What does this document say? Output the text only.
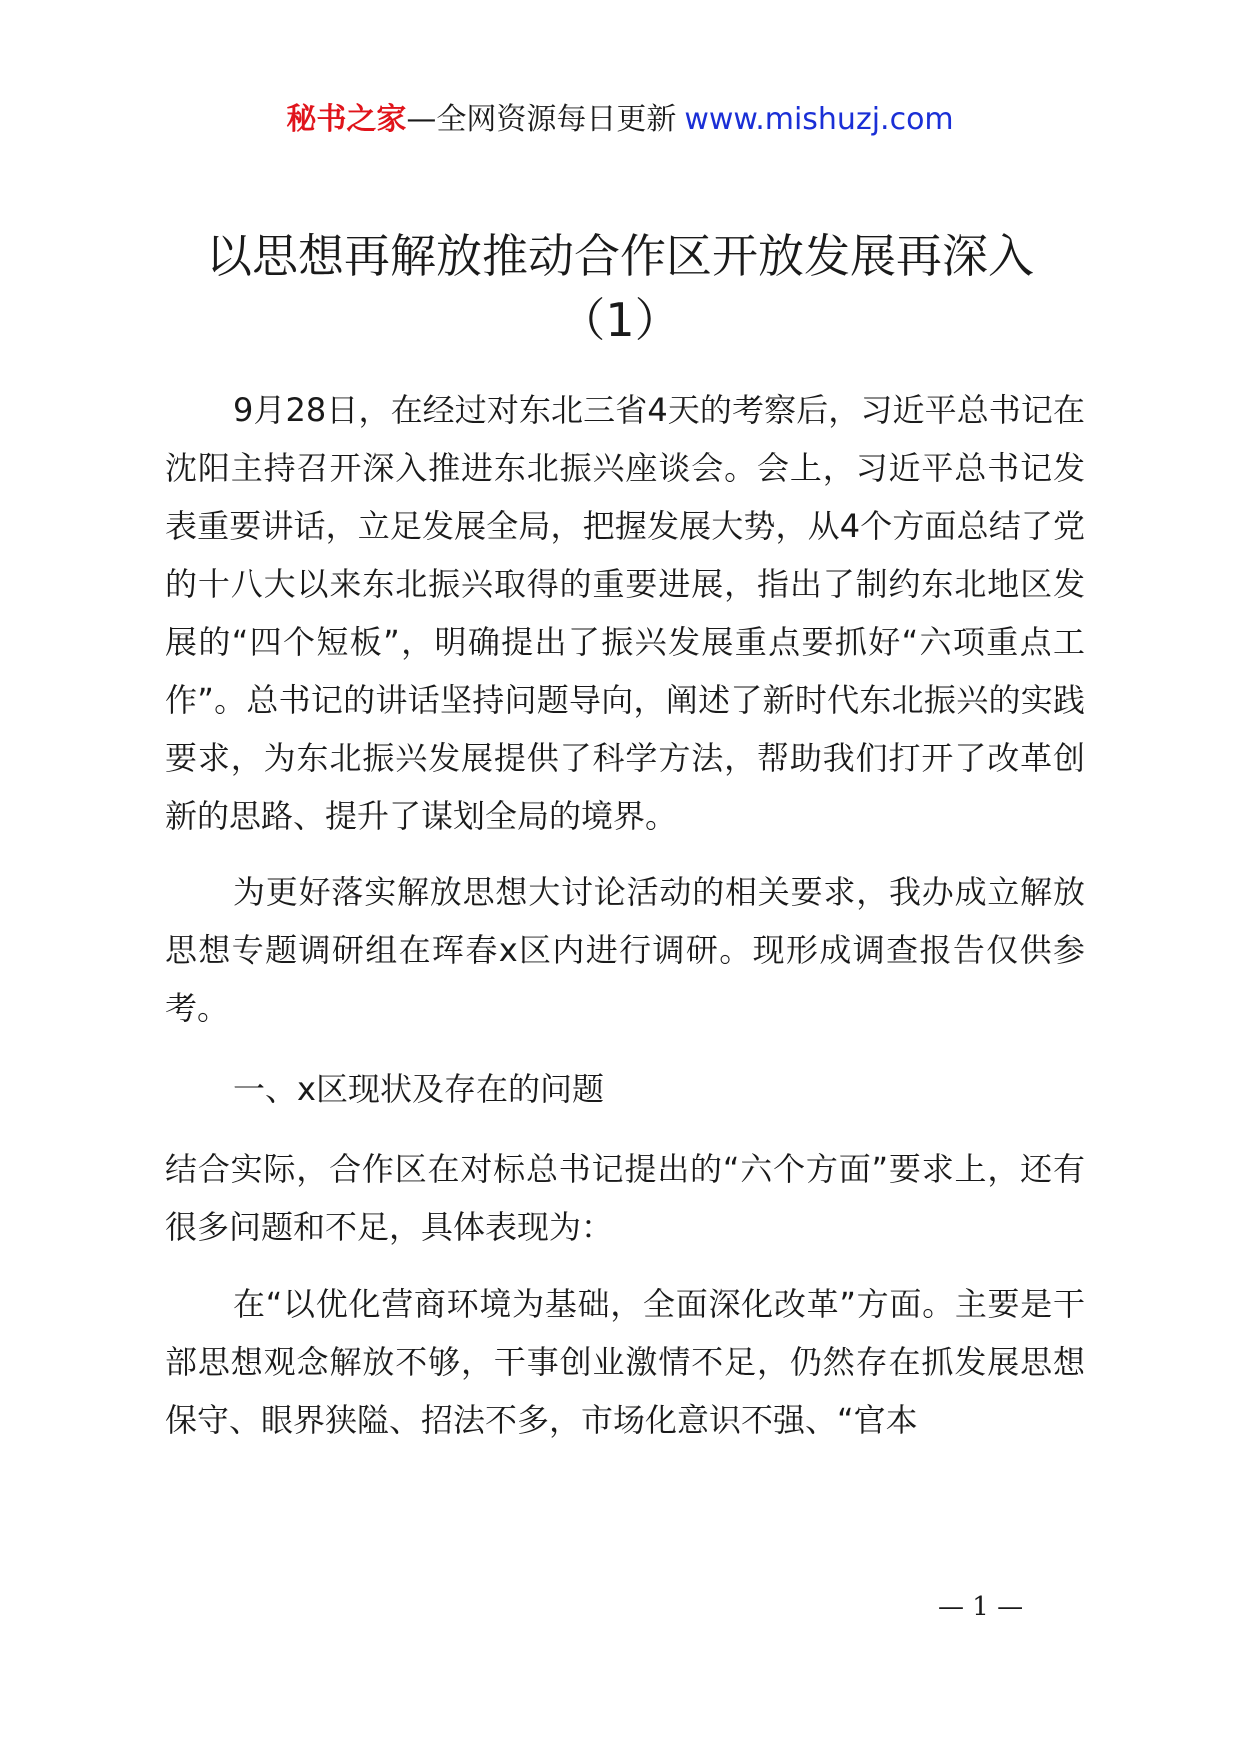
秘书之家—全网资源每日更新 www.mishuzj.com
以思想再解放推动合作区开放发展再深入
（1）

9月28日，在经过对东北三省4天的考察后，习近平总书记在沈阳主持召开深入推进东北振兴座谈会。会上，习近平总书记发表重要讲话，立足发展全局，把握发展大势，从4个方面总结了党的十八大以来东北振兴取得的重要进展，指出了制约东北地区发展的“四个短板”，明确提出了振兴发展重点要抓好“六项重点工作”。总书记的讲话坚持问题导向，阐述了新时代东北振兴的实践要求，为东北振兴发展提供了科学方法，帮助我们打开了改革创新的思路、提升了谋划全局的境界。

为更好落实解放思想大讨论活动的相关要求，我办成立解放思想专题调研组在珲春x区内进行调研。现形成调查报告仅供参考。

一、x区现状及存在的问题

结合实际，合作区在对标总书记提出的“六个方面”要求上，还有很多问题和不足，具体表现为：

在“以优化营商环境为基础，全面深化改革”方面。主要是干部思想观念解放不够，干事创业激情不足，仍然存在抓发展思想保守、眼界狭隘、招法不多，市场化意识不强、“官本

— 1 —
